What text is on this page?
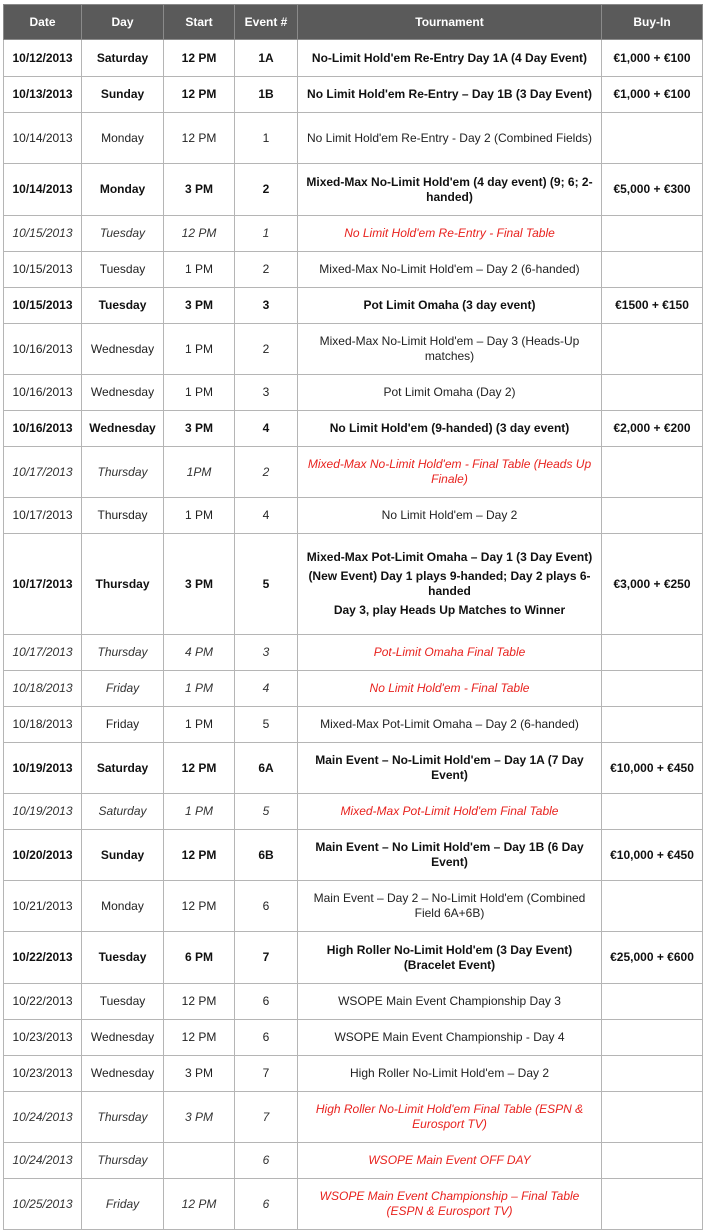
Date	Day	Start	Event #	Tournament	Buy-In
10/12/2013	Saturday	12 PM	1A	No-Limit Hold'em Re-Entry Day 1A (4 Day Event)	€1,000 + €100
10/13/2013	Sunday	12 PM	1B	No Limit Hold'em Re-Entry – Day 1B (3 Day Event)	€1,000 + €100
10/14/2013	Monday	12 PM	1	No Limit Hold'em Re-Entry - Day 2 (Combined Fields)	
10/14/2013	Monday	3 PM	2	Mixed-Max No-Limit Hold'em (4 day event) (9; 6; 2-handed)	€5,000 + €300
10/15/2013	Tuesday	12 PM	1	No Limit Hold'em Re-Entry - Final Table	
10/15/2013	Tuesday	1 PM	2	Mixed-Max No-Limit Hold'em – Day 2 (6-handed)	
10/15/2013	Tuesday	3 PM	3	Pot Limit Omaha (3 day event)	€1500 + €150
10/16/2013	Wednesday	1 PM	2	Mixed-Max No-Limit Hold'em – Day 3 (Heads-Up matches)	
10/16/2013	Wednesday	1 PM	3	Pot Limit Omaha (Day 2)	
10/16/2013	Wednesday	3 PM	4	No Limit Hold'em (9-handed) (3 day event)	€2,000 + €200
10/17/2013	Thursday	1PM	2	Mixed-Max No-Limit Hold'em - Final Table (Heads Up Finale)	
10/17/2013	Thursday	1 PM	4	No Limit Hold'em – Day 2	
10/17/2013	Thursday	3 PM	5	Mixed-Max Pot-Limit Omaha – Day 1 (3 Day Event)

(New Event) Day 1 plays 9-handed; Day 2 plays 6-handed

Day 3, play Heads Up Matches to Winner	€3,000 + €250
10/17/2013	Thursday	4 PM	3	Pot-Limit Omaha Final Table	
10/18/2013	Friday	1 PM	4	No Limit Hold'em - Final Table	
10/18/2013	Friday	1 PM	5	Mixed-Max Pot-Limit Omaha – Day 2 (6-handed)	
10/19/2013	Saturday	12 PM	6A	Main Event – No-Limit Hold'em – Day 1A (7 Day Event)	€10,000 + €450
10/19/2013	Saturday	1 PM	5	Mixed-Max Pot-Limit Hold'em Final Table	
10/20/2013	Sunday	12 PM	6B	Main Event – No Limit Hold'em – Day 1B (6 Day Event)	€10,000 + €450
10/21/2013	Monday	12 PM	6	Main Event – Day 2 – No-Limit Hold'em (Combined Field 6A+6B)	
10/22/2013	Tuesday	6 PM	7	High Roller No-Limit Hold'em (3 Day Event) (Bracelet Event)	€25,000 + €600
10/22/2013	Tuesday	12 PM	6	WSOPE Main Event Championship Day 3	
10/23/2013	Wednesday	12 PM	6	WSOPE Main Event Championship - Day 4	
10/23/2013	Wednesday	3 PM	7	High Roller No-Limit Hold'em – Day 2	
10/24/2013	Thursday	3 PM	7	High Roller No-Limit Hold'em Final Table (ESPN & Eurosport TV)	
10/24/2013	Thursday		6	WSOPE Main Event OFF DAY	
10/25/2013	Friday	12 PM	6	WSOPE Main Event Championship – Final Table (ESPN & Eurosport TV)	
